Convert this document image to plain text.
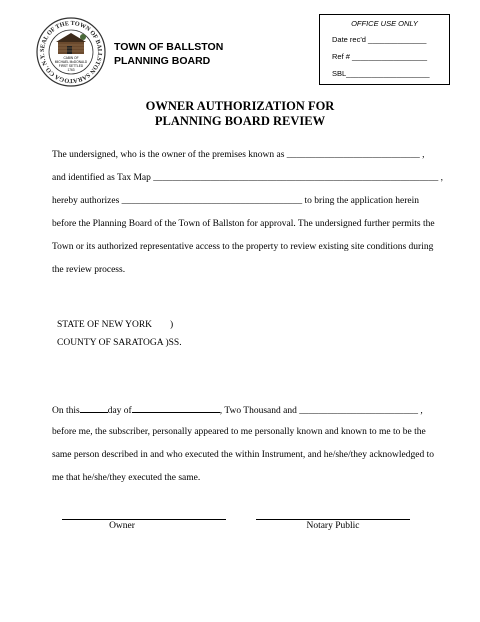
SEAL OF THE TOWN OF BALLSTON SARATOGA CO. N.Y.
CABIN OF
MICHAEL McDONALD
FIRST SETTLED
1763
TOWN OF BALLSTON
PLANNING BOARD
OFFICE USE ONLY
Date rec'd ______________
Ref # __________________
SBL____________________
OWNER AUTHORIZATION FOR
PLANNING BOARD REVIEW
The undersigned, who is the owner of the premises known as ____________________________ ,
and identified as Tax Map ____________________________________________________________ ,
hereby authorizes ______________________________________ to bring the application herein
before the Planning Board of the Town of Ballston for approval. The undersigned further permits the
Town or its authorized representative access to the property to review existing site conditions during
the review process.
STATE OF NEW YORK )
COUNTY OF SARATOGA )SS.
On this	day of	, Two Thousand and _________________________ ,
before me, the subscriber, personally appeared to me personally known and known to me to be the
same person described in and who executed the within Instrument, and he/she/they acknowledged to
me that he/she/they executed the same.
Owner	Notary Public
